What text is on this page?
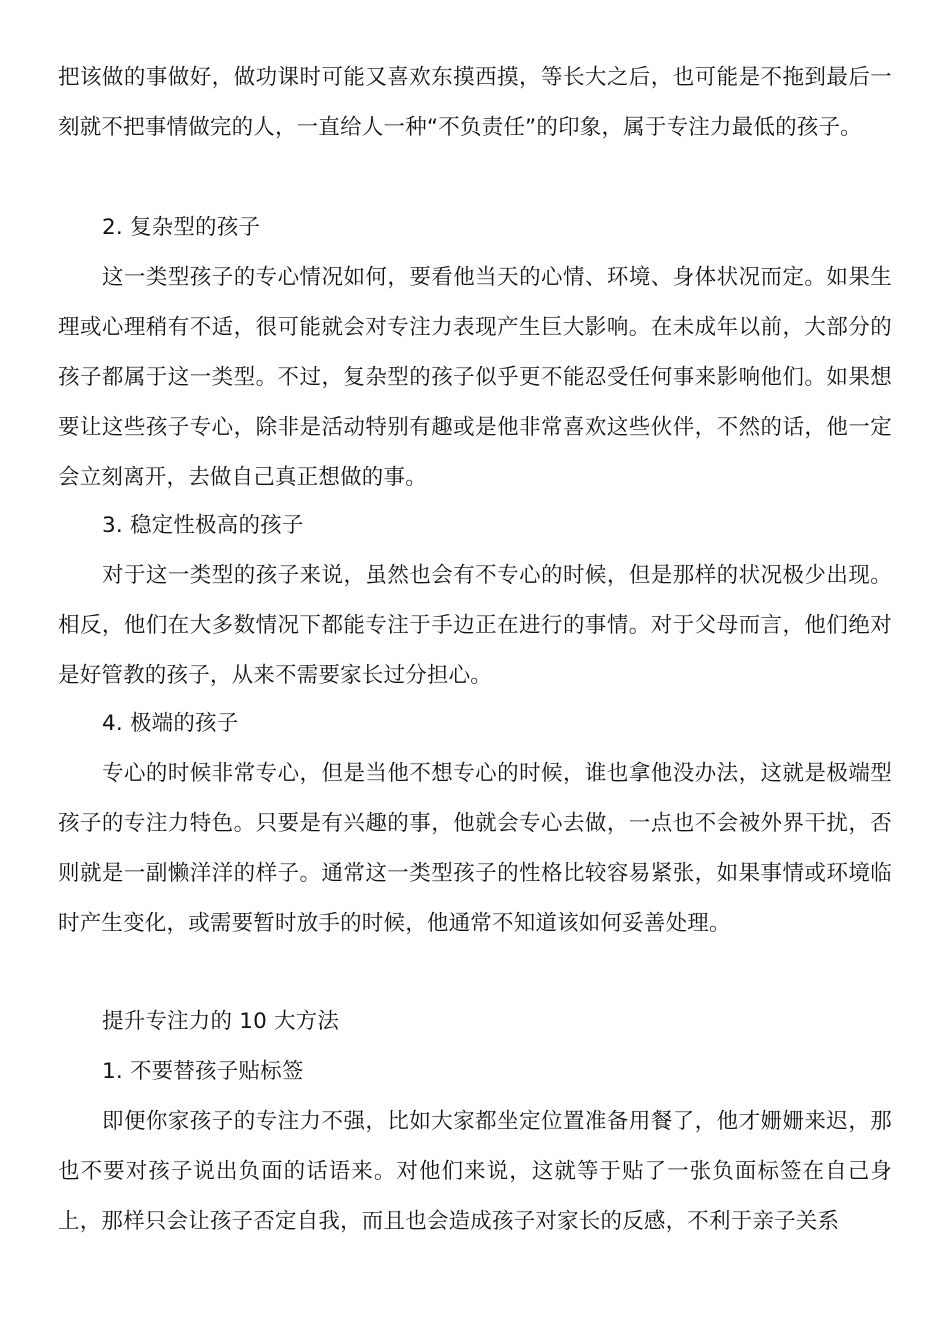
把该做的事做好，做功课时可能又喜欢东摸西摸，等长大之后，也可能是不拖到最后一刻就不把事情做完的人，一直给人一种“不负责任”的印象，属于专注力最低的孩子。

2. 复杂型的孩子

这一类型孩子的专心情况如何，要看他当天的心情、环境、身体状况而定。如果生理或心理稍有不适，很可能就会对专注力表现产生巨大影响。在未成年以前，大部分的孩子都属于这一类型。不过，复杂型的孩子似乎更不能忍受任何事来影响他们。如果想要让这些孩子专心，除非是活动特别有趣或是他非常喜欢这些伙伴，不然的话，他一定会立刻离开，去做自己真正想做的事。

3. 稳定性极高的孩子

对于这一类型的孩子来说，虽然也会有不专心的时候，但是那样的状况极少出现。相反，他们在大多数情况下都能专注于手边正在进行的事情。对于父母而言，他们绝对是好管教的孩子，从来不需要家长过分担心。

4. 极端的孩子

专心的时候非常专心，但是当他不想专心的时候，谁也拿他没办法，这就是极端型孩子的专注力特色。只要是有兴趣的事，他就会专心去做，一点也不会被外界干扰，否则就是一副懒洋洋的样子。通常这一类型孩子的性格比较容易紧张，如果事情或环境临时产生变化，或需要暂时放手的时候，他通常不知道该如何妥善处理。

提升专注力的 10 大方法

1. 不要替孩子贴标签

即便你家孩子的专注力不强，比如大家都坐定位置准备用餐了，他才姗姗来迟，那也不要对孩子说出负面的话语来。对他们来说，这就等于贴了一张负面标签在自己身上，那样只会让孩子否定自我，而且也会造成孩子对家长的反感，不利于亲子关系
